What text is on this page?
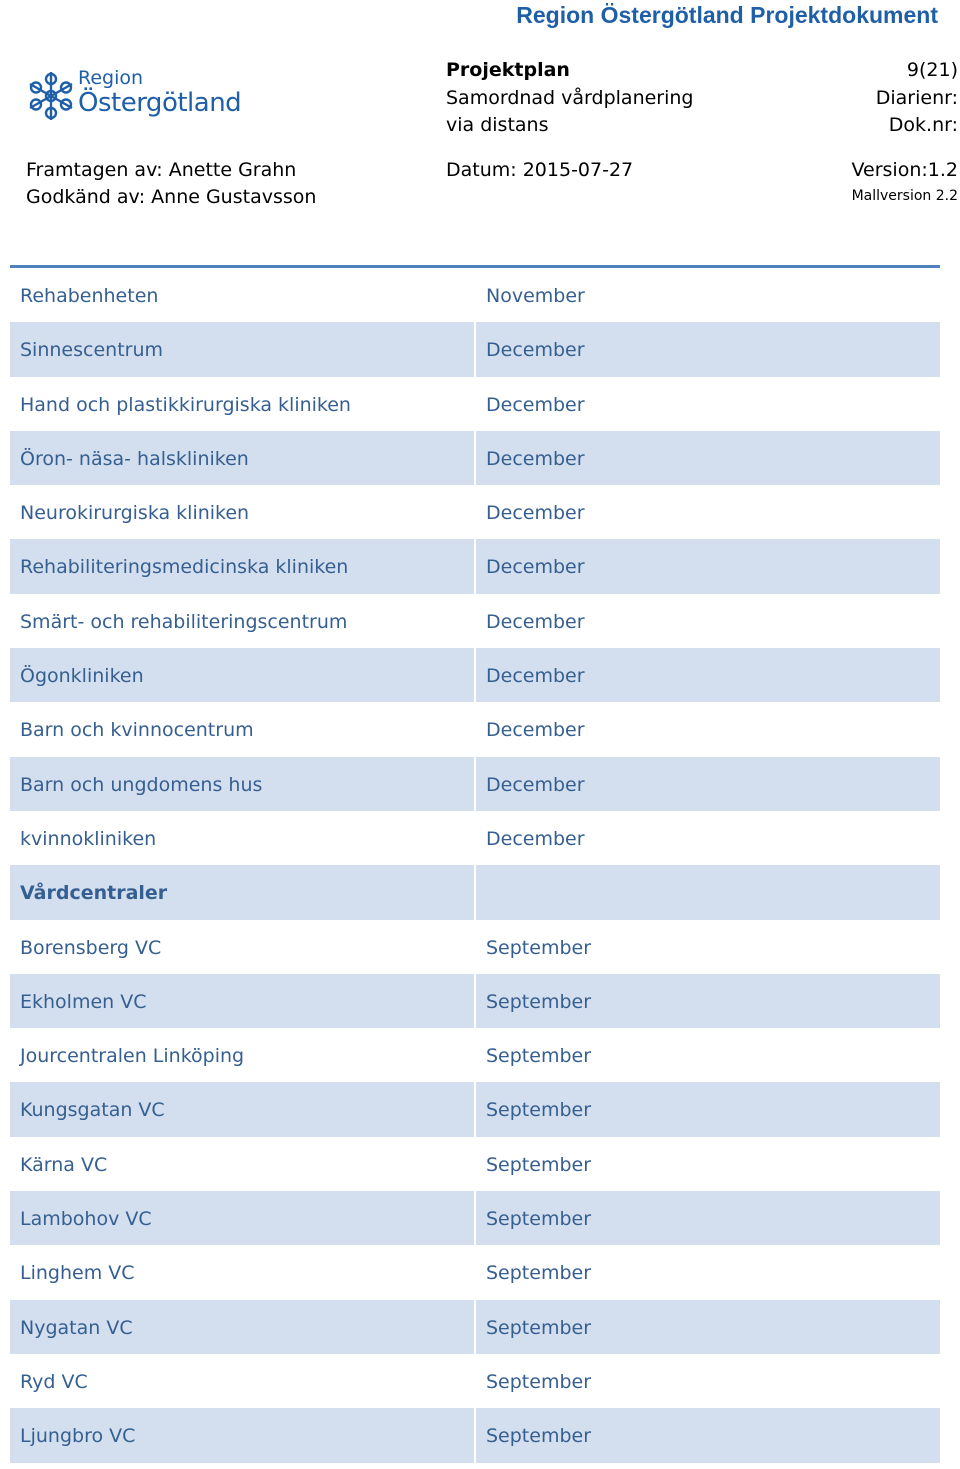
Region Östergötland Projektdokument
Region
Östergötland
Projektplan
Samordnad vårdplanering
via distans
9(21)
Diarienr:
Dok.nr:
Framtagen av: Anette Grahn
Godkänd av: Anne Gustavsson
Datum: 2015-07-27	Version:1.2
Mallversion 2.2
Rehabenheten	November
Sinnescentrum	December
Hand och plastikkirurgiska kliniken	December
Öron- näsa- halskliniken	December
Neurokirurgiska kliniken	December
Rehabiliteringsmedicinska kliniken	December
Smärt- och rehabiliteringscentrum	December
Ögonkliniken	December
Barn och kvinnocentrum	December
Barn och ungdomens hus	December
kvinnokliniken	December
Vårdcentraler
Borensberg VC	September
Ekholmen VC	September
Jourcentralen Linköping	September
Kungsgatan VC	September
Kärna VC	September
Lambohov VC	September
Linghem VC	September
Nygatan VC	September
Ryd VC	September
Ljungbro VC	September
